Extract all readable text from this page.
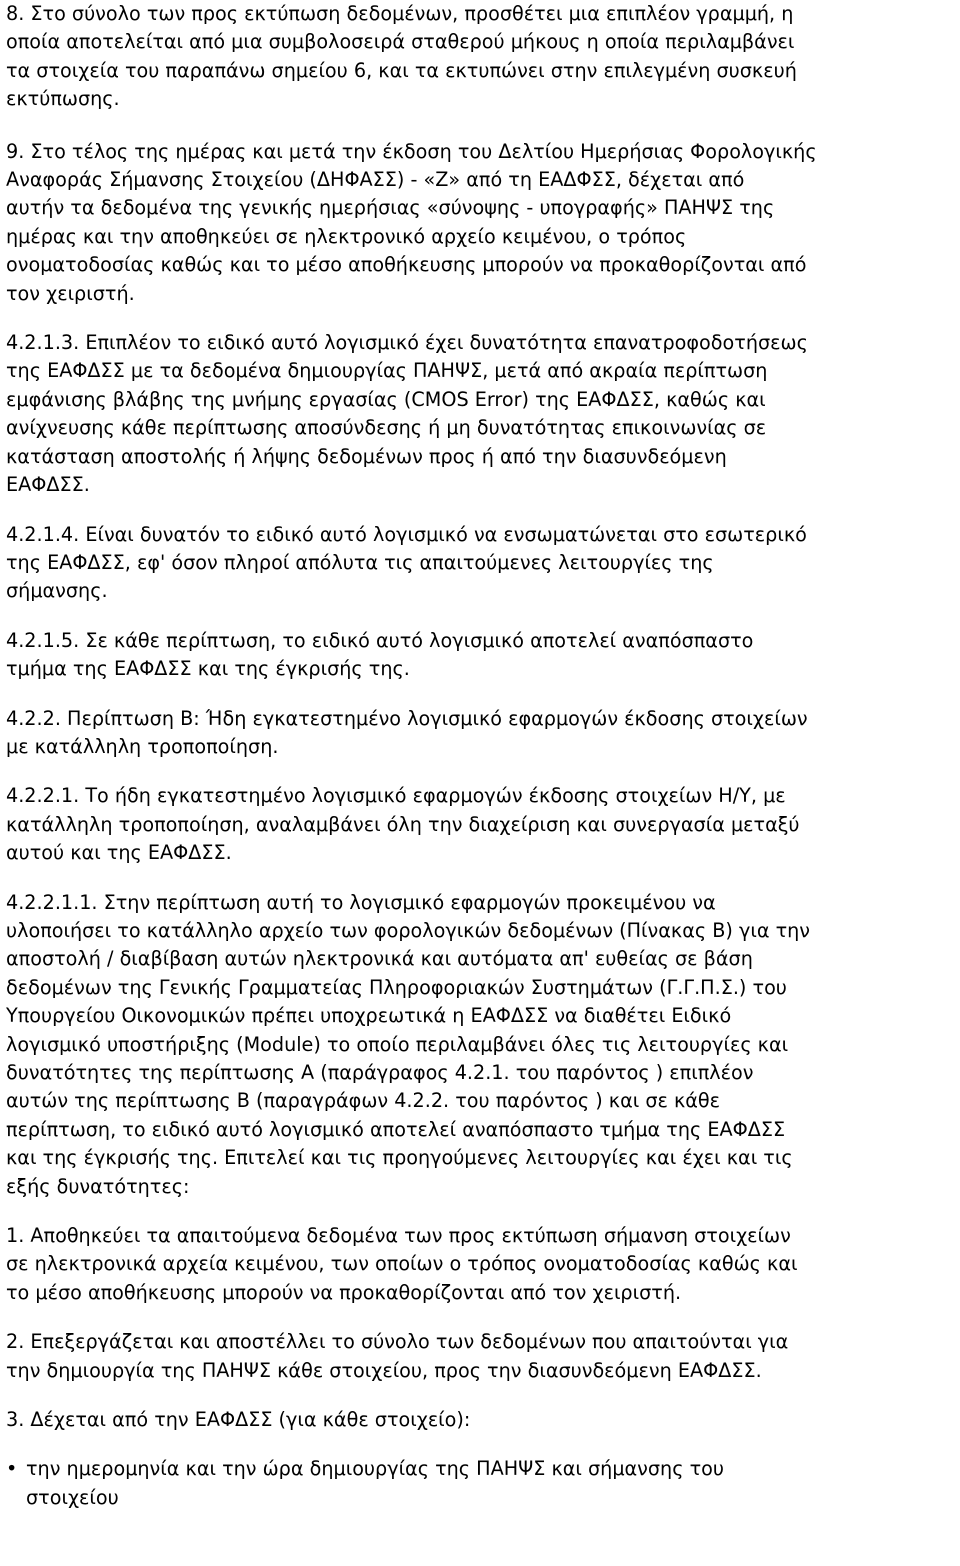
8. Στο σύνολο των προς εκτύπωση δεδομένων, προσθέτει μια επιπλέον γραμμή, η
οποία αποτελείται από μια συμβολοσειρά σταθερού μήκους η οποία περιλαμβάνει
τα στοιχεία του παραπάνω σημείου 6, και τα εκτυπώνει στην επιλεγμένη συσκευή
εκτύπωσης.

9. Στο τέλος της ημέρας και μετά την έκδοση του Δελτίου Ημερήσιας Φορολογικής
Αναφοράς Σήμανσης Στοιχείου (ΔΗΦΑΣΣ) - «Ζ» από τη ΕΑΔΦΣΣ, δέχεται από
αυτήν τα δεδομένα της γενικής ημερήσιας «σύνοψης - υπογραφής» ΠΑΗΨΣ της
ημέρας και την αποθηκεύει σε ηλεκτρονικό αρχείο κειμένου, ο τρόπος
ονοματοδοσίας καθώς και το μέσο αποθήκευσης μπορούν να προκαθορίζονται από
τον χειριστή.

4.2.1.3. Επιπλέον το ειδικό αυτό λογισμικό έχει δυνατότητα επανατροφοδοτήσεως
της ΕΑΦΔΣΣ με τα δεδομένα δημιουργίας ΠΑΗΨΣ, μετά από ακραία περίπτωση
εμφάνισης βλάβης της μνήμης εργασίας (CMOS Error) της ΕΑΦΔΣΣ, καθώς και
ανίχνευσης κάθε περίπτωσης αποσύνδεσης ή μη δυνατότητας επικοινωνίας σε
κατάσταση αποστολής ή λήψης δεδομένων προς ή από την διασυνδεόμενη
ΕΑΦΔΣΣ.

4.2.1.4. Είναι δυνατόν το ειδικό αυτό λογισμικό να ενσωματώνεται στο εσωτερικό
της ΕΑΦΔΣΣ, εφ' όσον πληροί απόλυτα τις απαιτούμενες λειτουργίες της
σήμανσης.

4.2.1.5. Σε κάθε περίπτωση, το ειδικό αυτό λογισμικό αποτελεί αναπόσπαστο
τμήμα της ΕΑΦΔΣΣ και της έγκρισής της.

4.2.2. Περίπτωση Β: Ήδη εγκατεστημένο λογισμικό εφαρμογών έκδοσης στοιχείων
με κατάλληλη τροποποίηση.

4.2.2.1. Το ήδη εγκατεστημένο λογισμικό εφαρμογών έκδοσης στοιχείων Η/Υ, με
κατάλληλη τροποποίηση, αναλαμβάνει όλη την διαχείριση και συνεργασία μεταξύ
αυτού και της ΕΑΦΔΣΣ.

4.2.2.1.1. Στην περίπτωση αυτή το λογισμικό εφαρμογών προκειμένου να
υλοποιήσει το κατάλληλο αρχείο των φορολογικών δεδομένων (Πίνακας Β) για την
αποστολή / διαβίβαση αυτών ηλεκτρονικά και αυτόματα απ' ευθείας σε βάση
δεδομένων της Γενικής Γραμματείας Πληροφοριακών Συστημάτων (Γ.Γ.Π.Σ.) του
Υπουργείου Οικονομικών πρέπει υποχρεωτικά η ΕΑΦΔΣΣ να διαθέτει Ειδικό
λογισμικό υποστήριξης (Module) το οποίο περιλαμβάνει όλες τις λειτουργίες και
δυνατότητες της περίπτωσης Α (παράγραφος 4.2.1. του παρόντος ) επιπλέον
αυτών της περίπτωσης Β (παραγράφων 4.2.2. του παρόντος ) και σε κάθε
περίπτωση, το ειδικό αυτό λογισμικό αποτελεί αναπόσπαστο τμήμα της ΕΑΦΔΣΣ
και της έγκρισής της. Επιτελεί και τις προηγούμενες λειτουργίες και έχει και τις
εξής δυνατότητες:

1. Αποθηκεύει τα απαιτούμενα δεδομένα των προς εκτύπωση σήμανση στοιχείων
σε ηλεκτρονικά αρχεία κειμένου, των οποίων ο τρόπος ονοματοδοσίας καθώς και
το μέσο αποθήκευσης μπορούν να προκαθορίζονται από τον χειριστή.

2. Επεξεργάζεται και αποστέλλει το σύνολο των δεδομένων που απαιτούνται για
την δημιουργία της ΠΑΗΨΣ κάθε στοιχείου, προς την διασυνδεόμενη ΕΑΦΔΣΣ.

3. Δέχεται από την ΕΑΦΔΣΣ (για κάθε στοιχείο):

• την ημερομηνία και την ώρα δημιουργίας της ΠΑΗΨΣ και σήμανσης του
στοιχείου
